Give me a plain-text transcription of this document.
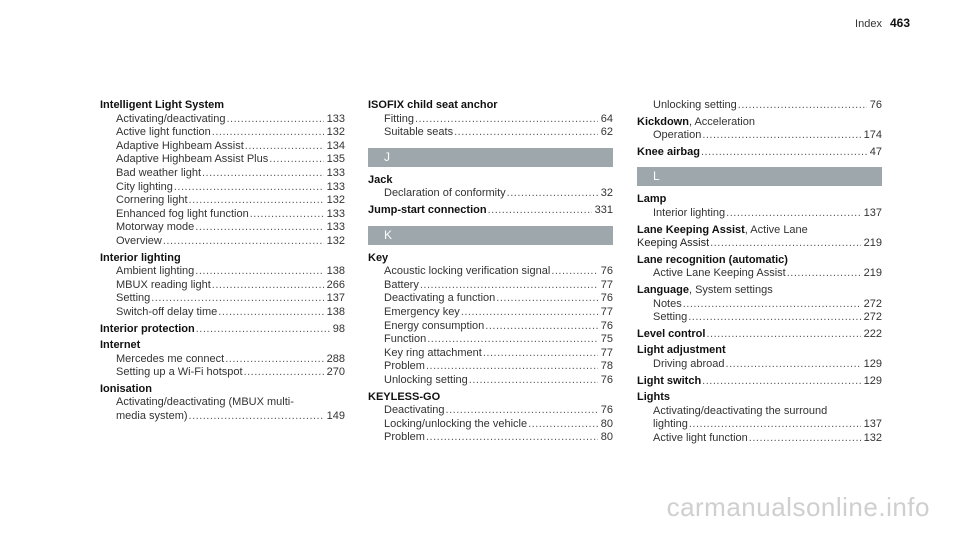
Index 463
Intelligent Light System
Activating/deactivating .....	133
Active light function .....	132
Adaptive Highbeam Assist .....	134
Adaptive Highbeam Assist Plus .....	135
Bad weather light .....	133
City lighting .....	133
Cornering light .....	132
Enhanced fog light function .....	133
Motorway mode .....	133
Overview .....	132
Interior lighting
Ambient lighting .....	138
MBUX reading light .....	266
Setting .....	137
Switch-off delay time .....	138
Interior protection .....	98
Internet
Mercedes me connect .....	288
Setting up a Wi-Fi hotspot .....	270
Ionisation
Activating/deactivating (MBUX multi-
media system) .....	149
ISOFIX child seat anchor
Fitting .....	64
Suitable seats .....	62
J
Jack
Declaration of conformity .....	32
Jump-start connection .....	331
K
Key
Acoustic locking verification signal .....	76
Battery .....	77
Deactivating a function .....	76
Emergency key .....	77
Energy consumption .....	76
Function .....	75
Key ring attachment .....	77
Problem .....	78
Unlocking setting .....	76
KEYLESS-GO
Deactivating .....	76
Locking/unlocking the vehicle .....	80
Problem .....	80
Unlocking setting .....	76
Kickdown, Acceleration
Operation .....	174
Knee airbag .....	47
L
Lamp
Interior lighting .....	137
Lane Keeping Assist, Active Lane
Keeping Assist .....	219
Lane recognition (automatic)
Active Lane Keeping Assist .....	219
Language, System settings
Notes .....	272
Setting .....	272
Level control .....	222
Light adjustment
Driving abroad .....	129
Light switch .....	129
Lights
Activating/deactivating the surround
lighting .....	137
Active light function .....	132
carmanualsonline.info
